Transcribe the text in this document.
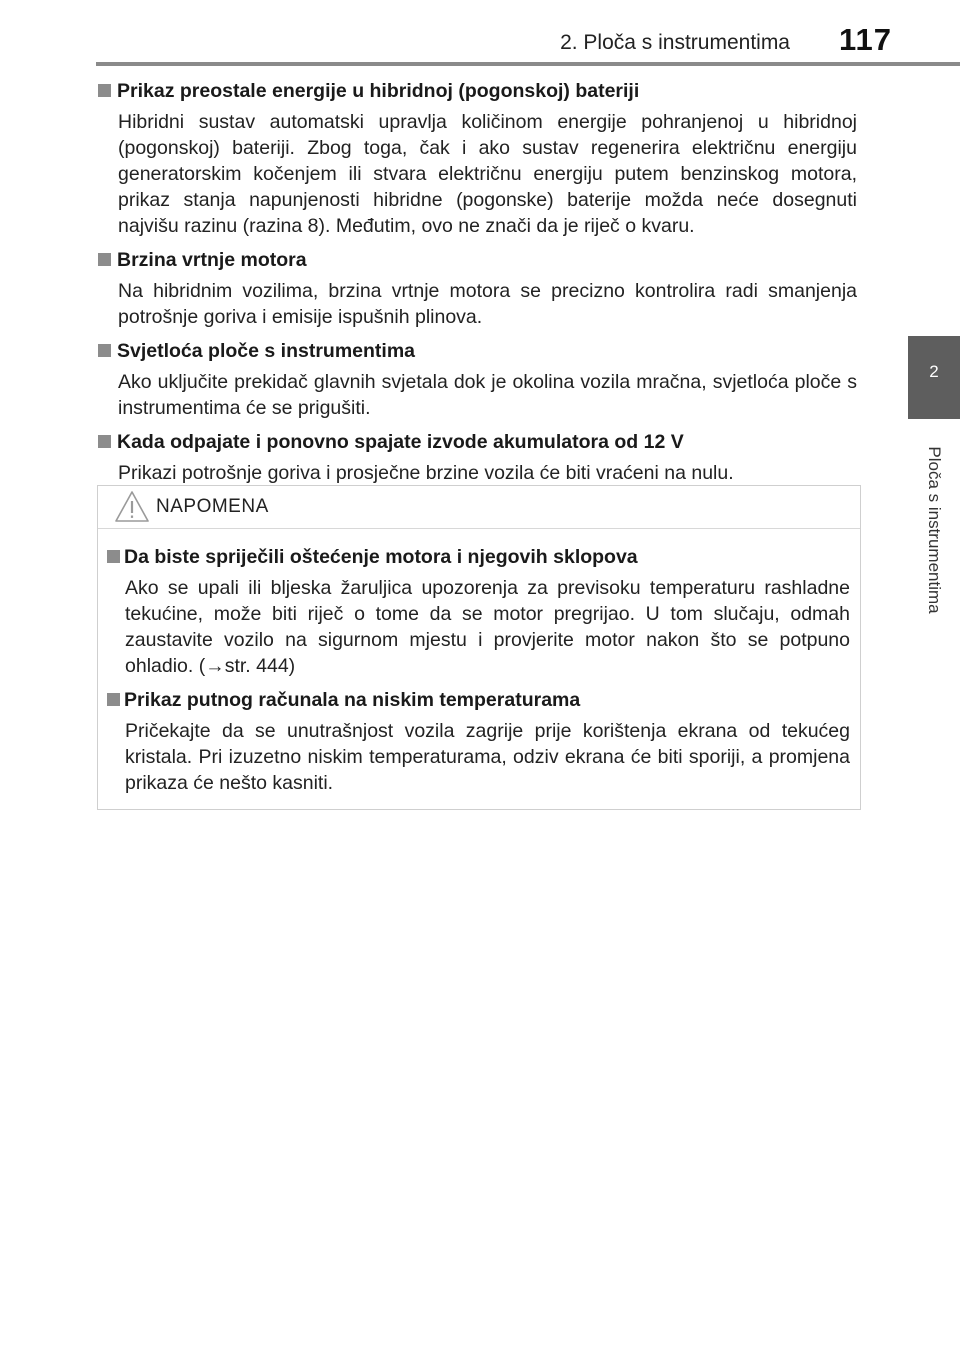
2. Ploča s instrumentima 117
2
Ploča s instrumentima
Prikaz preostale energije u hibridnoj (pogonskoj) bateriji
Hibridni sustav automatski upravlja količinom energije pohranjenoj u hibridnoj (pogonskoj) bateriji. Zbog toga, čak i ako sustav regenerira električnu energiju generatorskim kočenjem ili stvara električnu energiju putem benzinskog motora, prikaz stanja napunjenosti hibridne (pogonske) baterije možda neće dosegnuti najvišu razinu (razina 8). Međutim, ovo ne znači da je riječ o kvaru.
Brzina vrtnje motora
Na hibridnim vozilima, brzina vrtnje motora se precizno kontrolira radi smanjenja potrošnje goriva i emisije ispušnih plinova.
Svjetloća ploče s instrumentima
Ako uključite prekidač glavnih svjetala dok je okolina vozila mračna, svjetloća ploče s instrumentima će se prigušiti.
Kada odpajate i ponovno spajate izvode akumulatora od 12 V
Prikazi potrošnje goriva i prosječne brzine vozila će biti vraćeni na nulu.
NAPOMENA
Da biste spriječili oštećenje motora i njegovih sklopova
Ako se upali ili bljeska žaruljica upozorenja za previsoku temperaturu rashladne tekućine, može biti riječ o tome da se motor pregrijao. U tom slučaju, odmah zaustavite vozilo na sigurnom mjestu i provjerite motor nakon što se potpuno ohladio. (→str. 444)
Prikaz putnog računala na niskim temperaturama
Pričekajte da se unutrašnjost vozila zagrije prije korištenja ekrana od tekućeg kristala. Pri izuzetno niskim temperaturama, odziv ekrana će biti sporiji, a promjena prikaza će nešto kasniti.
